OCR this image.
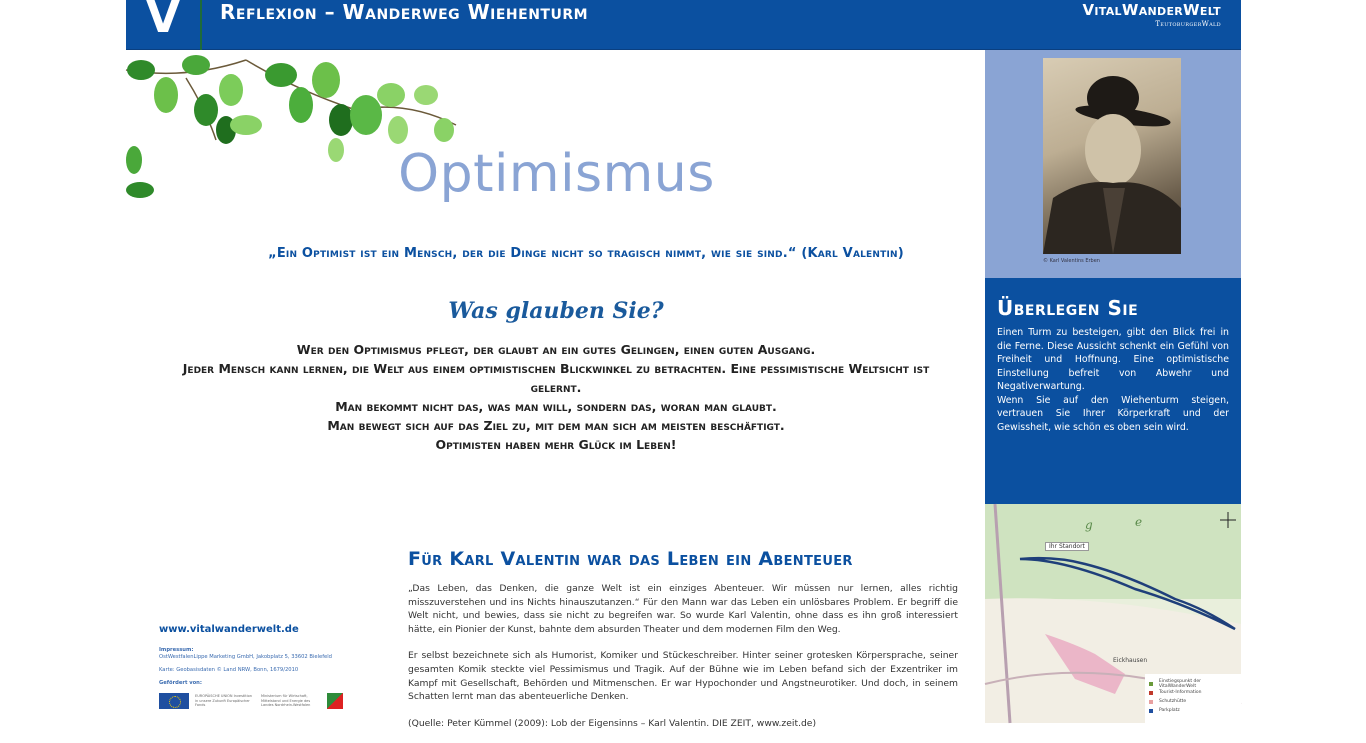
V Reflexion – Wanderweg Wiehenturm	VitalWanderWelt
TeutoburgerWald
Optimismus
„Ein Optimist ist ein Mensch, der die Dinge nicht so tragisch nimmt, wie sie sind.“ (Karl Valentin)
Was glauben Sie?
Wer den Optimismus pflegt, der glaubt an ein gutes Gelingen, einen guten Ausgang.
Jeder Mensch kann lernen, die Welt aus einem optimistischen Blickwinkel zu betrachten. Eine pessimistische Weltsicht ist gelernt.
Man bekommt nicht das, was man will, sondern das, woran man glaubt.
Man bewegt sich auf das Ziel zu, mit dem man sich am meisten beschäftigt.
Optimisten haben mehr Glück im Leben!
© Karl Valentins Erben
Überlegen Sie

Einen Turm zu besteigen, gibt den Blick frei in die Ferne. Diese Aussicht schenkt ein Gefühl von Freiheit und Hoffnung. Eine optimistische Einstellung befreit von Abwehr und Negativerwartung.

Wenn Sie auf den Wiehenturm steigen, vertrauen Sie Ihrer Körperkraft und der Gewissheit, wie schön es oben sein wird.

g	e
Eickhausen
Ihr Standort
Einstiegspunkt der VitalWanderWelt
Tourist-Information
Schutzhütte
Parkplatz
Für Karl Valentin war das Leben ein Abenteuer

„Das Leben, das Denken, die ganze Welt ist ein einziges Abenteuer. Wir müssen nur lernen, alles richtig misszuverstehen und ins Nichts hinauszutanzen.“ Für den Mann war das Leben ein unlösbares Problem. Er begriff die Welt nicht, und bewies, dass sie nicht zu begreifen war. So wurde Karl Valentin, ohne dass es ihn groß interessiert hätte, ein Pionier der Kunst, bahnte dem absurden Theater und dem modernen Film den Weg.

Er selbst bezeichnete sich als Humorist, Komiker und Stückeschreiber. Hinter seiner grotesken Körpersprache, seiner gesamten Komik steckte viel Pessimismus und Tragik. Auf der Bühne wie im Leben befand sich der Exzentriker im Kampf mit Gesellschaft, Behörden und Mitmenschen. Er war Hypochonder und Angstneurotiker. Und doch, in seinem Schatten lernt man das abenteuerliche Denken.

(Quelle: Peter Kümmel (2009): Lob der Eigensinns – Karl Valentin. DIE ZEIT, www.zeit.de)

www.vitalwanderwelt.de
Impressum:
OstWestfalenLippe Marketing GmbH, Jakobplatz 5, 33602 Bielefeld
Karte: Geobasisdaten © Land NRW, Bonn, 1679/2010
Gefördert von:
EUROPÄISCHE UNION Investition in unsere Zukunft Europäischer Fonds
Ministerium für Wirtschaft, Mittelstand und Energie des Landes Nordrhein-Westfalen
